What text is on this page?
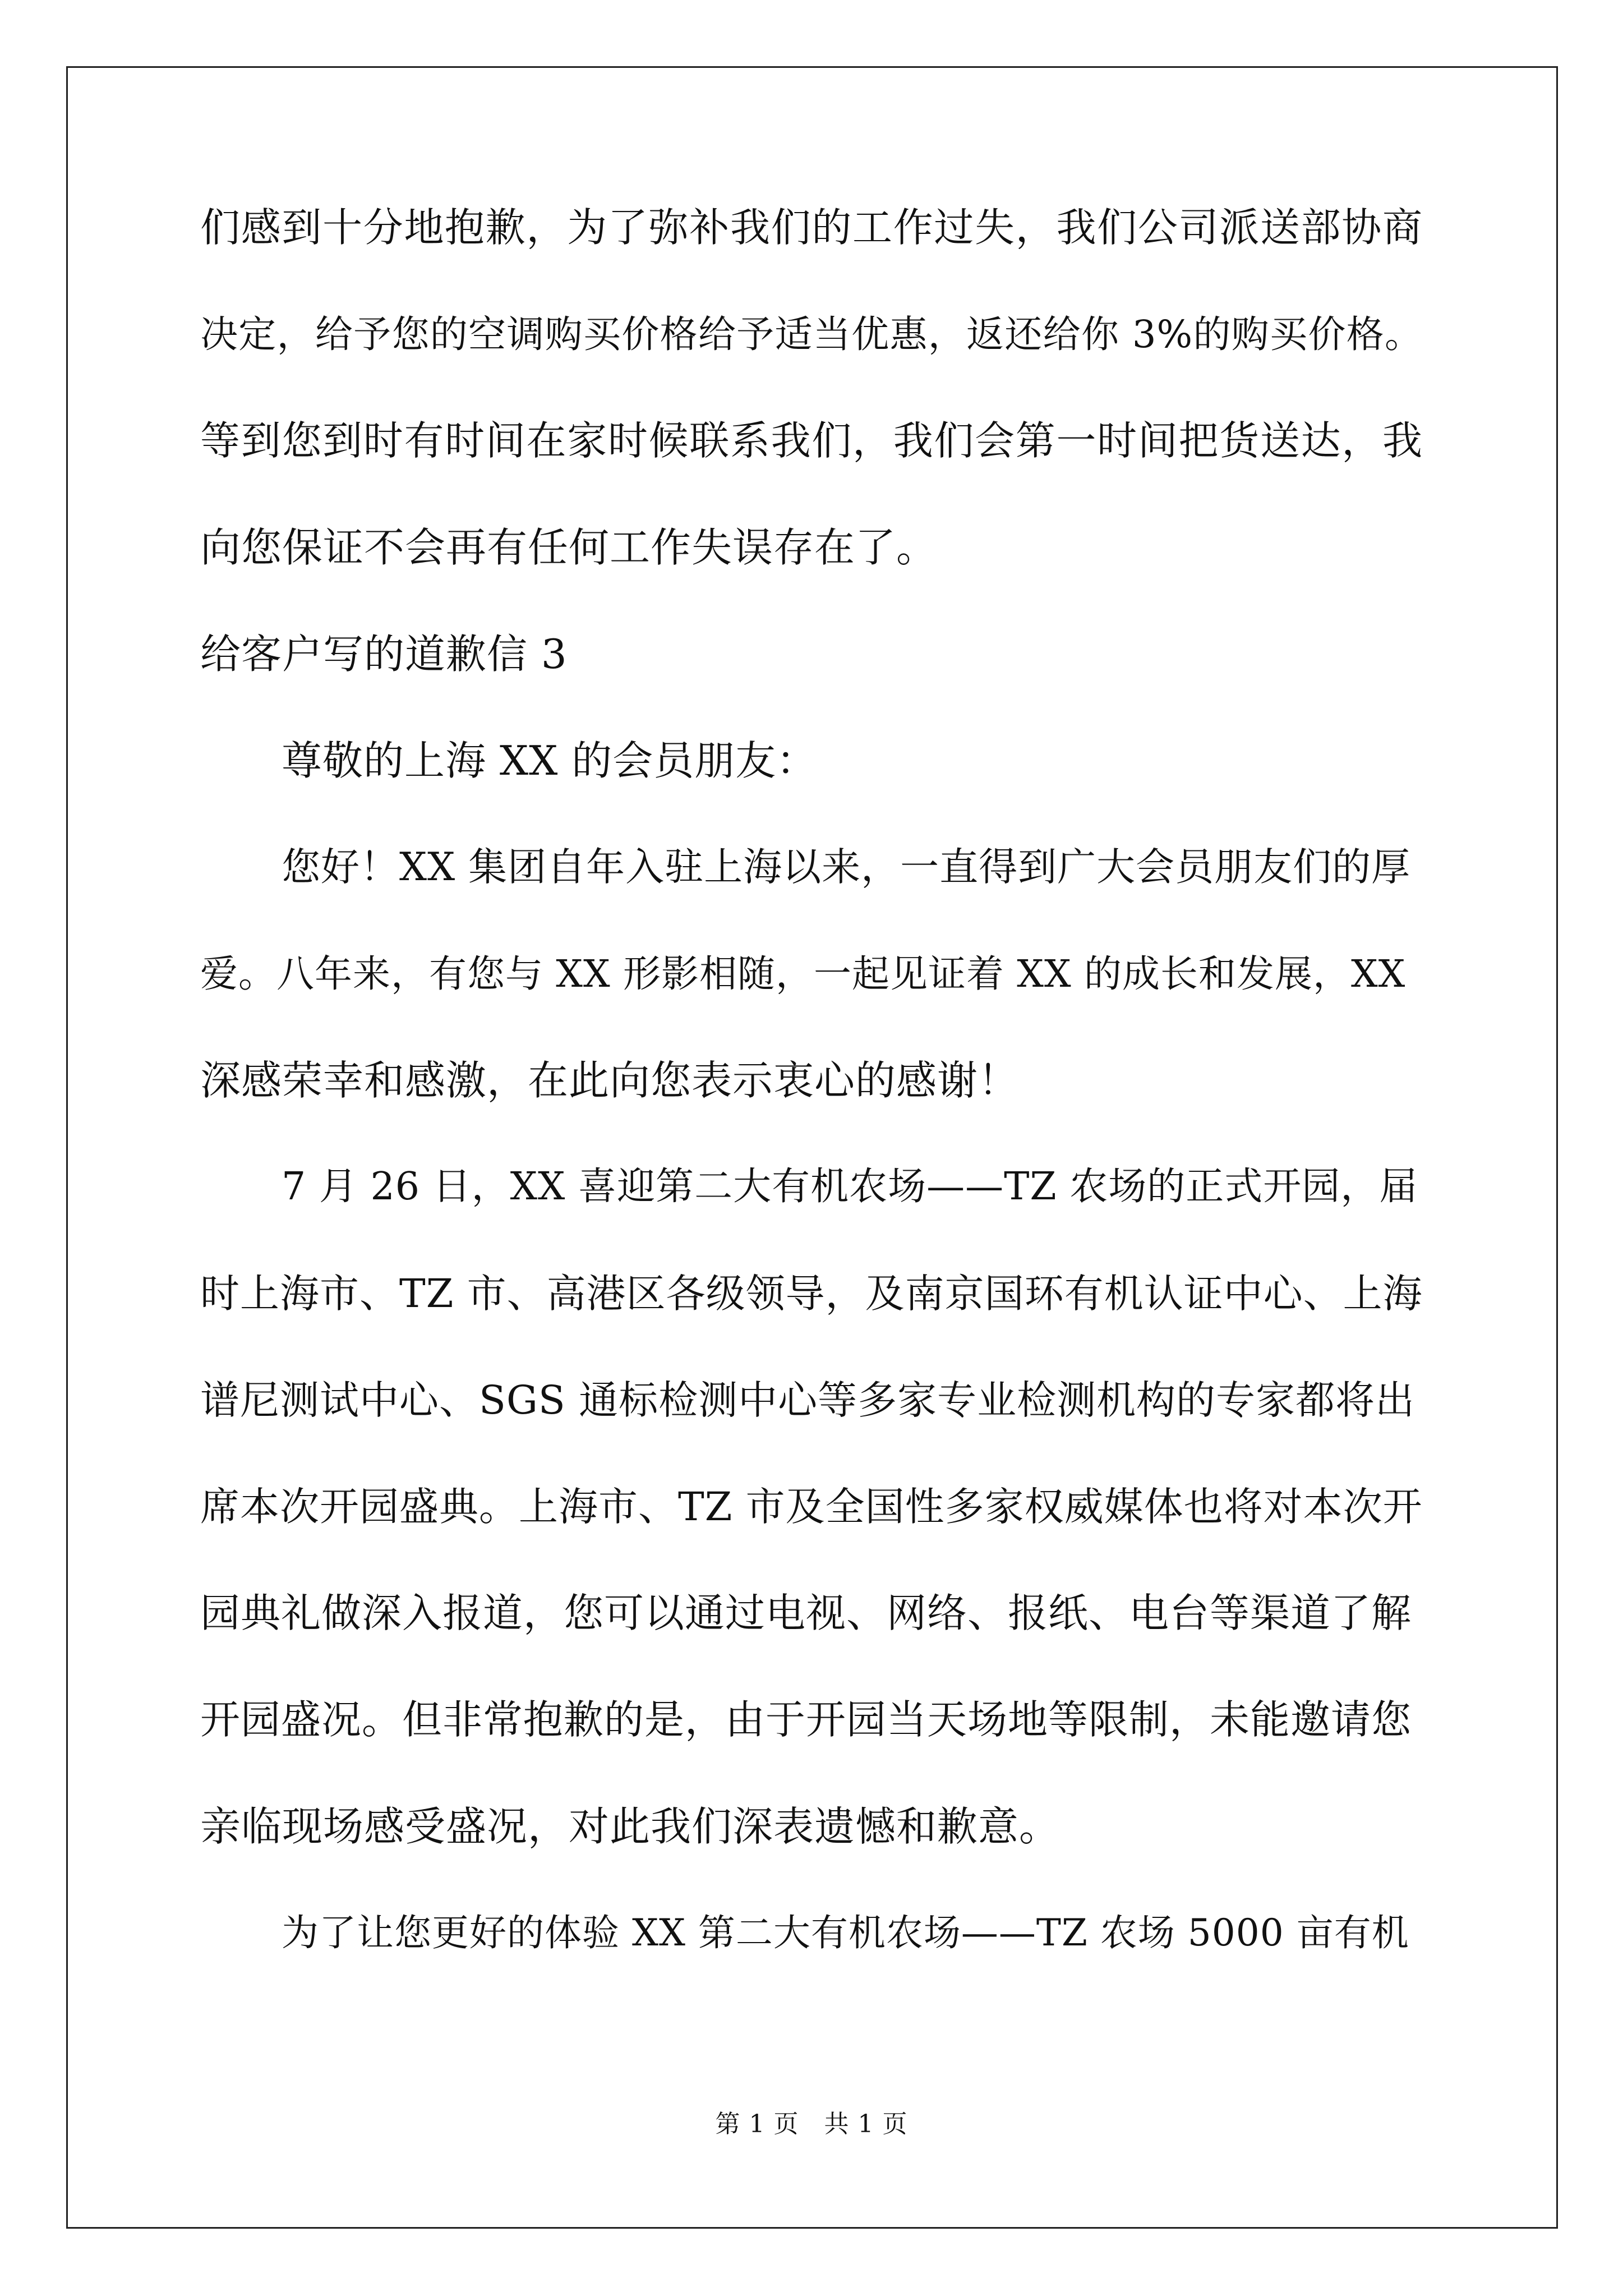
们感到十分地抱歉，为了弥补我们的工作过失，我们公司派送部协商
决定，给予您的空调购买价格给予适当优惠，返还给你 3%的购买价格。
等到您到时有时间在家时候联系我们，我们会第一时间把货送达，我
向您保证不会再有任何工作失误存在了。
给客户写的道歉信 3
尊敬的上海 XX 的会员朋友：
您好！XX 集团自年入驻上海以来，一直得到广大会员朋友们的厚
爱。八年来，有您与 XX 形影相随，一起见证着 XX 的成长和发展，XX
深感荣幸和感激，在此向您表示衷心的感谢！
7 月 26 日，XX 喜迎第二大有机农场——TZ 农场的正式开园，届
时上海市、TZ 市、高港区各级领导，及南京国环有机认证中心、上海
谱尼测试中心、SGS 通标检测中心等多家专业检测机构的专家都将出
席本次开园盛典。上海市、TZ 市及全国性多家权威媒体也将对本次开
园典礼做深入报道，您可以通过电视、网络、报纸、电台等渠道了解
开园盛况。但非常抱歉的是，由于开园当天场地等限制，未能邀请您
亲临现场感受盛况，对此我们深表遗憾和歉意。
为了让您更好的体验 XX 第二大有机农场——TZ 农场 5000 亩有机
第 1 页　共 1 页
